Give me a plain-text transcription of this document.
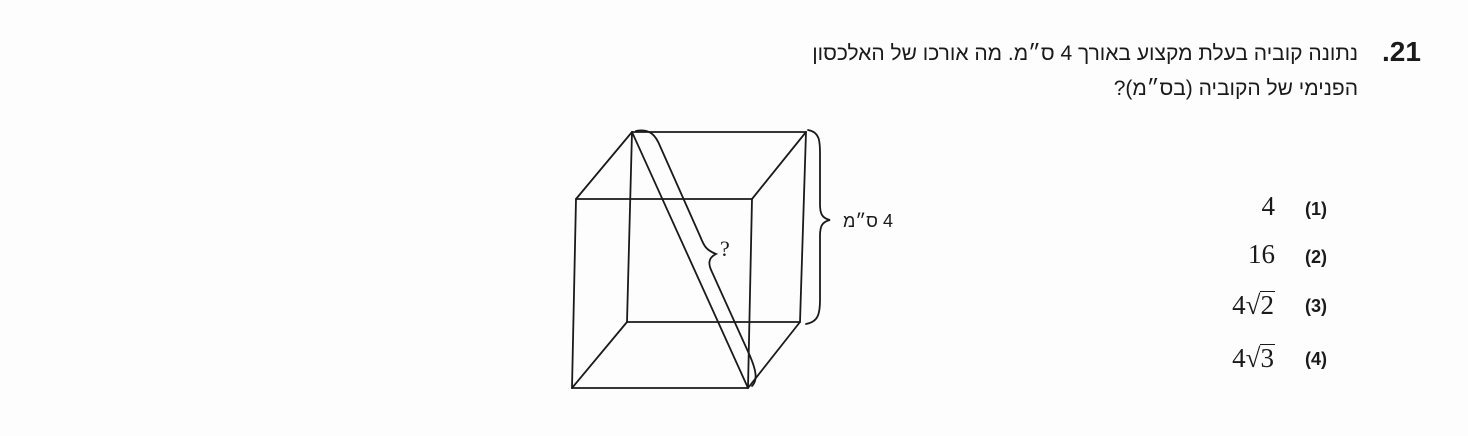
.21
נתונה קוביה בעלת מקצוע באורך 4 ס״מ. מה אורכו של האלכסון
הפנימי של הקוביה (בס״מ)?
?
4 ס״מ
(1)
4
(2)
16
(3)
4√2
(4)
4√3
